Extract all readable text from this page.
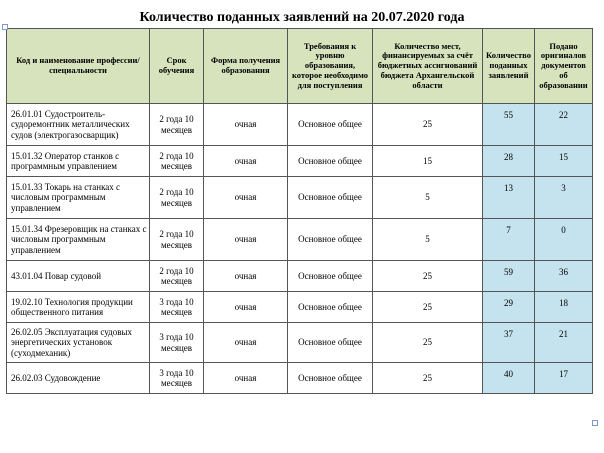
Количество поданных заявлений на 20.07.2020 года
Код и наименование профессии/ специальности	Срок обучения	Форма получения образования	Требования к уровню образования, которое необходимо для поступления	Количество мест, финансируемых за счёт бюджетных ассигнований бюджета Архангельской области	Количество поданных заявлений	Подано оригиналов документов об образовании
26.01.01 Судостроитель-судоремонтник металлических судов (электрогазосварщик)	2 года 10 месяцев	очная	Основное общее	25	55	22
15.01.32 Оператор станков с программным управлением	2 года 10 месяцев	очная	Основное общее	15	28	15
15.01.33 Токарь на станках с числовым программным управлением	2 года 10 месяцев	очная	Основное общее	5	13	3
15.01.34 Фрезеровщик на станках с числовым программным управлением	2 года 10 месяцев	очная	Основное общее	5	7	0
43.01.04 Повар судовой	2 года 10 месяцев	очная	Основное общее	25	59	36
19.02.10 Технология продукции общественного питания	3 года 10 месяцев	очная	Основное общее	25	29	18
26.02.05 Эксплуатация судовых энергетических установок (суходмеханик)	3 года 10 месяцев	очная	Основное общее	25	37	21
26.02.03 Судовождение	3 года 10 месяцев	очная	Основное общее	25	40	17
